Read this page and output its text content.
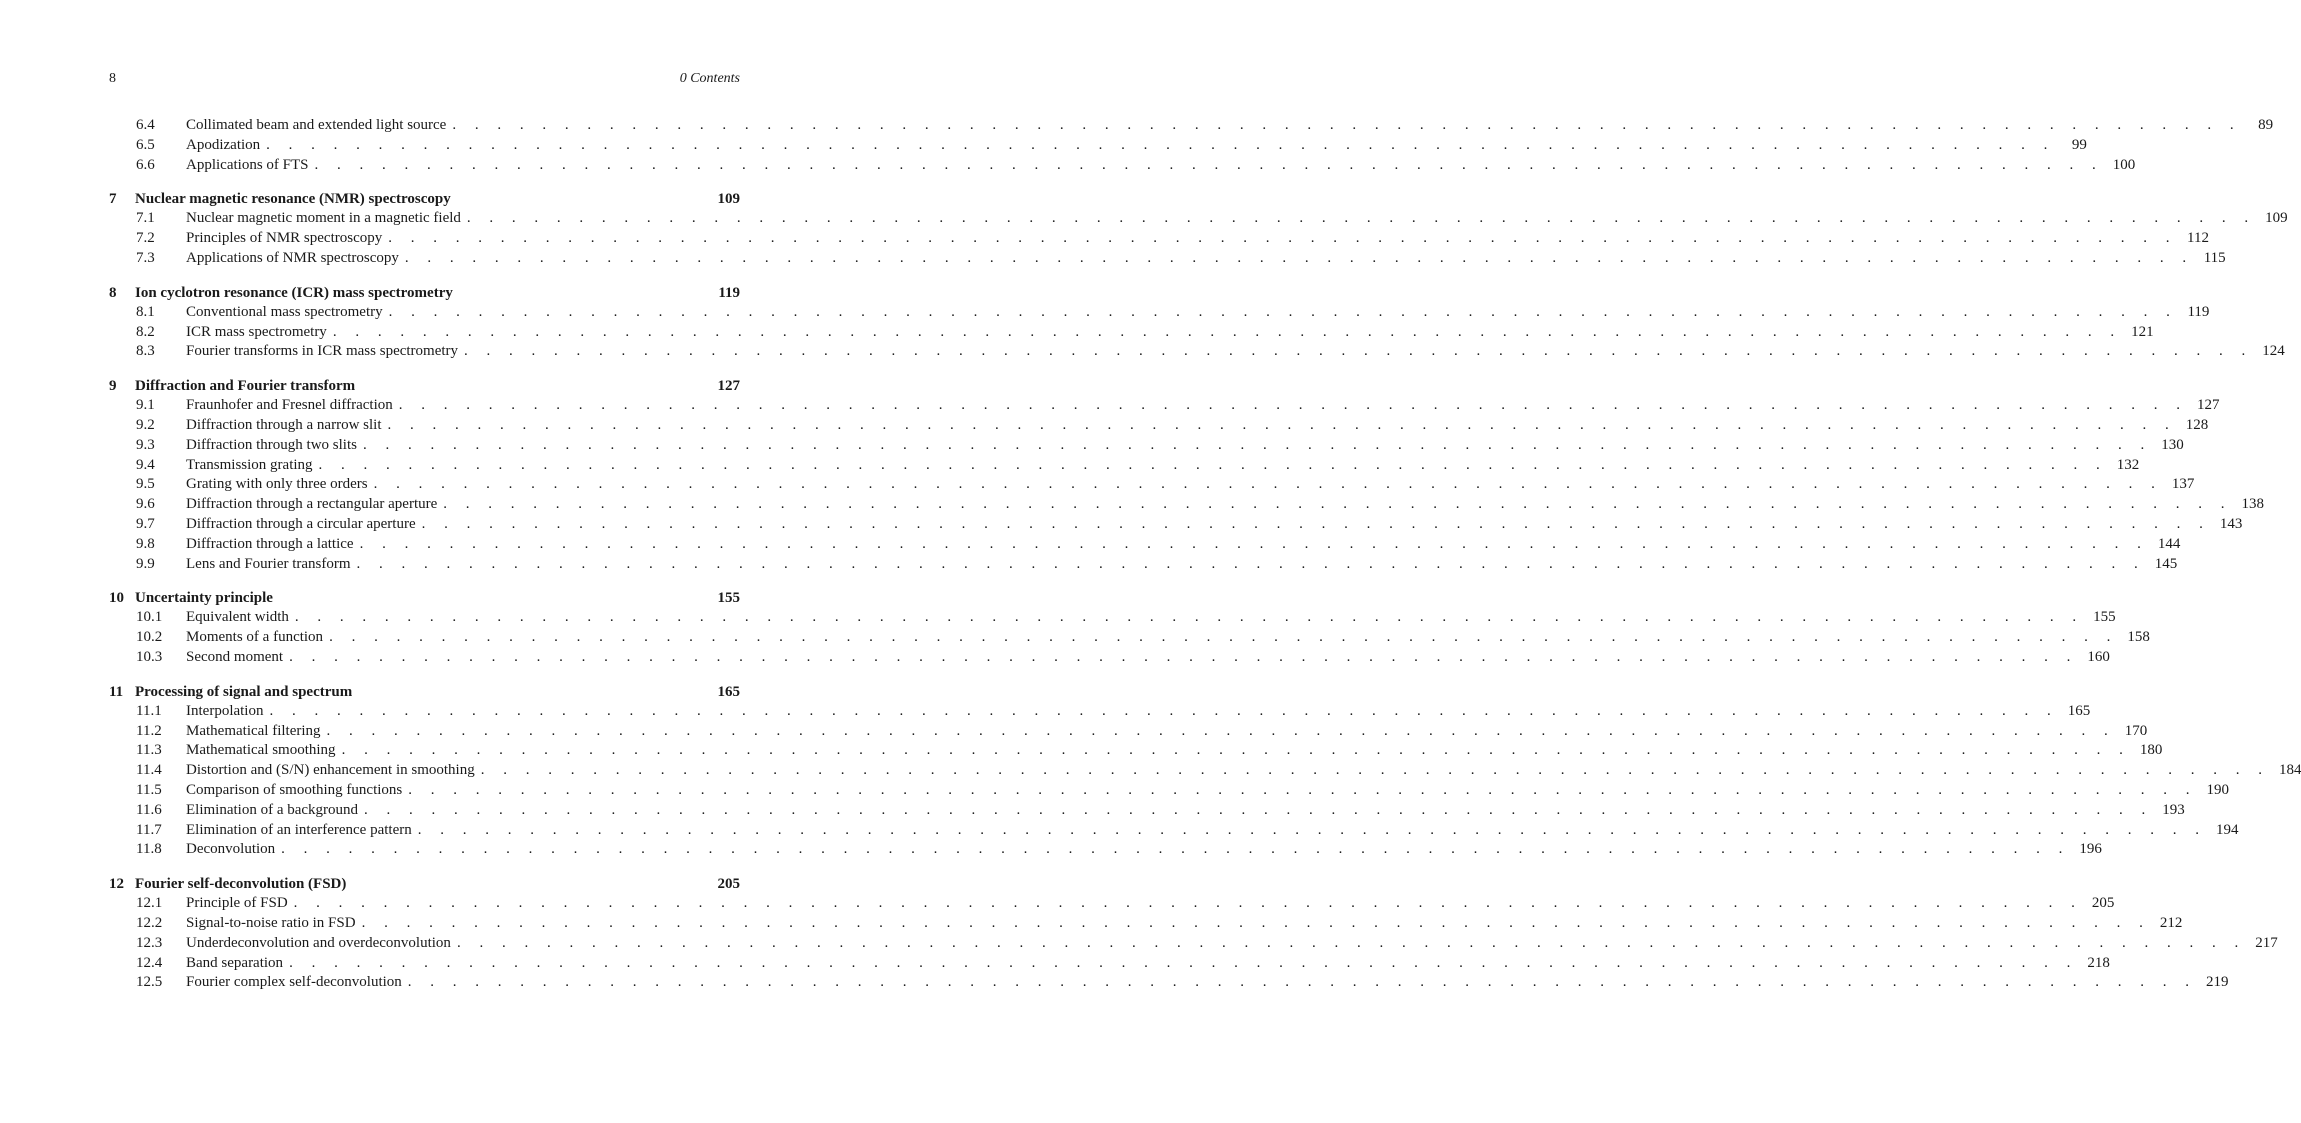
8	0 Contents
6.4	Collimated beam and extended light source . . . . . . . . . . . . . . . . . . . . . . . . . . . . . . . . . . . . . . . . . . . . . . . . . . . . . . . . . . . . . . . . . . . . . . . . . . . . . . . .	89
6.5	Apodization . . . . . . . . . . . . . . . . . . . . . . . . . . . . . . . . . . . . . . . . . . . . . . . . . . . . . . . . . . . . . . . . . . . . . . . . . . . . . . . .	99
6.6	Applications of FTS . . . . . . . . . . . . . . . . . . . . . . . . . . . . . . . . . . . . . . . . . . . . . . . . . . . . . . . . . . . . . . . . . . . . . . . . . . . . . . . . 100
7	Nuclear magnetic resonance (NMR) spectroscopy	109
7.1	Nuclear magnetic moment in a magnetic field . . . . . . . . . . . . . . . . . . . . . . . . . . . . . . . . . . . . . . . . . . . . . . . . . . . . . . . . . . . . . . . . . . . . . . . . . . . . . . . . 109
7.2	Principles of NMR spectroscopy . . . . . . . . . . . . . . . . . . . . . . . . . . . . . . . . . . . . . . . . . . . . . . . . . . . . . . . . . . . . . . . . . . . . . . . . . . . . . . . . 112
7.3	Applications of NMR spectroscopy . . . . . . . . . . . . . . . . . . . . . . . . . . . . . . . . . . . . . . . . . . . . . . . . . . . . . . . . . . . . . . . . . . . . . . . . . . . . . . . . 115
8	Ion cyclotron resonance (ICR) mass spectrometry	119
8.1	Conventional mass spectrometry . . . . . . . . . . . . . . . . . . . . . . . . . . . . . . . . . . . . . . . . . . . . . . . . . . . . . . . . . . . . . . . . . . . . . . . . . . . . . . . . 119
8.2	ICR mass spectrometry . . . . . . . . . . . . . . . . . . . . . . . . . . . . . . . . . . . . . . . . . . . . . . . . . . . . . . . . . . . . . . . . . . . . . . . . . . . . . . . . 121
8.3	Fourier transforms in ICR mass spectrometry . . . . . . . . . . . . . . . . . . . . . . . . . . . . . . . . . . . . . . . . . . . . . . . . . . . . . . . . . . . . . . . . . . . . . . . . . . . . . . . . 124
9	Diffraction and Fourier transform	127
9.1	Fraunhofer and Fresnel diffraction . . . . . . . . . . . . . . . . . . . . . . . . . . . . . . . . . . . . . . . . . . . . . . . . . . . . . . . . . . . . . . . . . . . . . . . . . . . . . . . . 127
9.2	Diffraction through a narrow slit . . . . . . . . . . . . . . . . . . . . . . . . . . . . . . . . . . . . . . . . . . . . . . . . . . . . . . . . . . . . . . . . . . . . . . . . . . . . . . . . 128
9.3	Diffraction through two slits . . . . . . . . . . . . . . . . . . . . . . . . . . . . . . . . . . . . . . . . . . . . . . . . . . . . . . . . . . . . . . . . . . . . . . . . . . . . . . . . 130
9.4	Transmission grating . . . . . . . . . . . . . . . . . . . . . . . . . . . . . . . . . . . . . . . . . . . . . . . . . . . . . . . . . . . . . . . . . . . . . . . . . . . . . . . . 132
9.5	Grating with only three orders . . . . . . . . . . . . . . . . . . . . . . . . . . . . . . . . . . . . . . . . . . . . . . . . . . . . . . . . . . . . . . . . . . . . . . . . . . . . . . . . 137
9.6	Diffraction through a rectangular aperture . . . . . . . . . . . . . . . . . . . . . . . . . . . . . . . . . . . . . . . . . . . . . . . . . . . . . . . . . . . . . . . . . . . . . . . . . . . . . . . . 138
9.7	Diffraction through a circular aperture . . . . . . . . . . . . . . . . . . . . . . . . . . . . . . . . . . . . . . . . . . . . . . . . . . . . . . . . . . . . . . . . . . . . . . . . . . . . . . . . 143
9.8	Diffraction through a lattice . . . . . . . . . . . . . . . . . . . . . . . . . . . . . . . . . . . . . . . . . . . . . . . . . . . . . . . . . . . . . . . . . . . . . . . . . . . . . . . . 144
9.9	Lens and Fourier transform . . . . . . . . . . . . . . . . . . . . . . . . . . . . . . . . . . . . . . . . . . . . . . . . . . . . . . . . . . . . . . . . . . . . . . . . . . . . . . . . 145
10 Uncertainty principle	155
10.1	Equivalent width . . . . . . . . . . . . . . . . . . . . . . . . . . . . . . . . . . . . . . . . . . . . . . . . . . . . . . . . . . . . . . . . . . . . . . . . . . . . . . . . 155
10.2	Moments of a function . . . . . . . . . . . . . . . . . . . . . . . . . . . . . . . . . . . . . . . . . . . . . . . . . . . . . . . . . . . . . . . . . . . . . . . . . . . . . . . . 158
10.3	Second moment . . . . . . . . . . . . . . . . . . . . . . . . . . . . . . . . . . . . . . . . . . . . . . . . . . . . . . . . . . . . . . . . . . . . . . . . . . . . . . . . 160
11 Processing of signal and spectrum	165
11.1	Interpolation . . . . . . . . . . . . . . . . . . . . . . . . . . . . . . . . . . . . . . . . . . . . . . . . . . . . . . . . . . . . . . . . . . . . . . . . . . . . . . . . 165
11.2	Mathematical filtering . . . . . . . . . . . . . . . . . . . . . . . . . . . . . . . . . . . . . . . . . . . . . . . . . . . . . . . . . . . . . . . . . . . . . . . . . . . . . . . . 170
11.3	Mathematical smoothing . . . . . . . . . . . . . . . . . . . . . . . . . . . . . . . . . . . . . . . . . . . . . . . . . . . . . . . . . . . . . . . . . . . . . . . . . . . . . . . . 180
11.4	Distortion and (S/N) enhancement in smoothing . . . . . . . . . . . . . . . . . . . . . . . . . . . . . . . . . . . . . . . . . . . . . . . . . . . . . . . . . . . . . . . . . . . . . . . . . . . . . . . . 184
11.5	Comparison of smoothing functions . . . . . . . . . . . . . . . . . . . . . . . . . . . . . . . . . . . . . . . . . . . . . . . . . . . . . . . . . . . . . . . . . . . . . . . . . . . . . . . . 190
11.6	Elimination of a background . . . . . . . . . . . . . . . . . . . . . . . . . . . . . . . . . . . . . . . . . . . . . . . . . . . . . . . . . . . . . . . . . . . . . . . . . . . . . . . . 193
11.7	Elimination of an interference pattern . . . . . . . . . . . . . . . . . . . . . . . . . . . . . . . . . . . . . . . . . . . . . . . . . . . . . . . . . . . . . . . . . . . . . . . . . . . . . . . . 194
11.8	Deconvolution . . . . . . . . . . . . . . . . . . . . . . . . . . . . . . . . . . . . . . . . . . . . . . . . . . . . . . . . . . . . . . . . . . . . . . . . . . . . . . . . 196
12 Fourier self-deconvolution (FSD)	205
12.1	Principle of FSD . . . . . . . . . . . . . . . . . . . . . . . . . . . . . . . . . . . . . . . . . . . . . . . . . . . . . . . . . . . . . . . . . . . . . . . . . . . . . . . . 205
12.2	Signal-to-noise ratio in FSD . . . . . . . . . . . . . . . . . . . . . . . . . . . . . . . . . . . . . . . . . . . . . . . . . . . . . . . . . . . . . . . . . . . . . . . . . . . . . . . . 212
12.3	Underdeconvolution and overdeconvolution . . . . . . . . . . . . . . . . . . . . . . . . . . . . . . . . . . . . . . . . . . . . . . . . . . . . . . . . . . . . . . . . . . . . . . . . . . . . . . . . 217
12.4	Band separation . . . . . . . . . . . . . . . . . . . . . . . . . . . . . . . . . . . . . . . . . . . . . . . . . . . . . . . . . . . . . . . . . . . . . . . . . . . . . . . . 218
12.5	Fourier complex self-deconvolution . . . . . . . . . . . . . . . . . . . . . . . . . . . . . . . . . . . . . . . . . . . . . . . . . . . . . . . . . . . . . . . . . . . . . . . . . . . . . . . . 219
